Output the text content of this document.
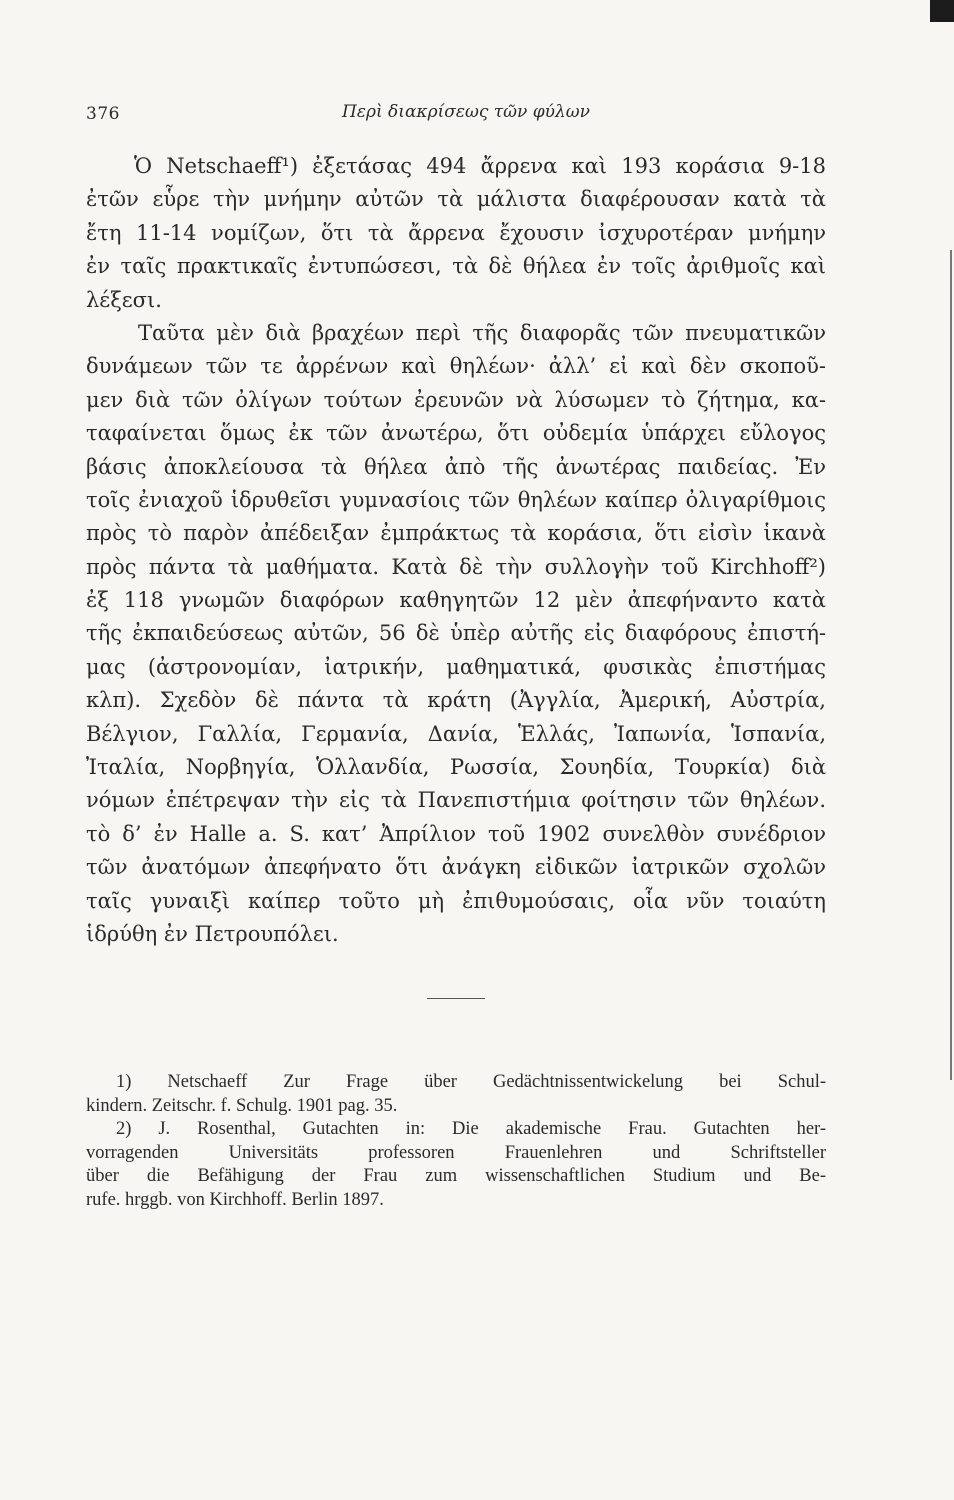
376	Περὶ διακρίσεως τῶν φύλων
Ὁ Netschaeff¹) ἐξετάσας 494 ἄρρενα καὶ 193 κοράσια 9-18
ἐτῶν εὗρε τὴν μνήμην αὐτῶν τὰ μάλιστα διαφέρουσαν κατὰ τὰ
ἔτη 11-14 νομίζων, ὅτι τὰ ἄρρενα ἔχουσιν ἰσχυροτέραν μνήμην
ἐν ταῖς πρακτικαῖς ἐντυπώσεσι, τὰ δὲ θήλεα ἐν τοῖς ἀριθμοῖς καὶ
λέξεσι.
Ταῦτα μὲν διὰ βραχέων περὶ τῆς διαφορᾶς τῶν πνευματικῶν
δυνάμεων τῶν τε ἀρρένων καὶ θηλέων· ἀλλ’ εἰ καὶ δὲν σκοποῦ-
μεν διὰ τῶν ὀλίγων τούτων ἐρευνῶν νὰ λύσωμεν τὸ ζήτημα, κα-
ταφαίνεται ὅμως ἐκ τῶν ἀνωτέρω, ὅτι οὐδεμία ὑπάρχει εὔλογος
βάσις ἀποκλείουσα τὰ θήλεα ἀπὸ τῆς ἀνωτέρας παιδείας. Ἐν
τοῖς ἐνιαχοῦ ἱδρυθεῖσι γυμνασίοις τῶν θηλέων καίπερ ὀλιγαρίθμοις
πρὸς τὸ παρὸν ἀπέδειξαν ἐμπράκτως τὰ κοράσια, ὅτι εἰσὶν ἱκανὰ
πρὸς πάντα τὰ μαθήματα. Κατὰ δὲ τὴν συλλογὴν τοῦ Kirchhoff²)
ἐξ 118 γνωμῶν διαφόρων καθηγητῶν 12 μὲν ἀπεφήναντο κατὰ
τῆς ἐκπαιδεύσεως αὐτῶν, 56 δὲ ὑπὲρ αὐτῆς εἰς διαφόρους ἐπιστή-
μας (ἀστρονομίαν, ἰατρικήν, μαθηματικά, φυσικὰς ἐπιστήμας
κλπ). Σχεδὸν δὲ πάντα τὰ κράτη (Ἀγγλία, Ἀμερική, Αὐστρία,
Βέλγιον, Γαλλία, Γερμανία, Δανία, Ἑλλάς, Ἰαπωνία, Ἱσπανία,
Ἰταλία, Νορβηγία, Ὁλλανδία, Ρωσσία, Σουηδία, Τουρκία) διὰ
νόμων ἐπέτρεψαν τὴν εἰς τὰ Πανεπιστήμια φοίτησιν τῶν θηλέων.
τὸ δ’ ἐν Halle a. S. κατ’ Ἀπρίλιον τοῦ 1902 συνελθὸν συνέδριον
τῶν ἀνατόμων ἀπεφήνατο ὅτι ἀνάγκη εἰδικῶν ἰατρικῶν σχολῶν
ταῖς γυναιξὶ καίπερ τοῦτο μὴ ἐπιθυμούσαις, οἷα νῦν τοιαύτη
ἱδρύθη ἐν Πετρουπόλει.
1) Netschaeff Zur Frage über Gedächtnissentwickelung bei Schul-
kindern. Zeitschr. f. Schulg. 1901 pag. 35.
2) J. Rosenthal, Gutachten in: Die akademische Frau. Gutachten her-
vorragenden Universitäts professoren Frauenlehren und Schriftsteller
über die Befähigung der Frau zum wissenschaftlichen Studium und Be-
rufe. hrggb. von Kirchhoff. Berlin 1897.
